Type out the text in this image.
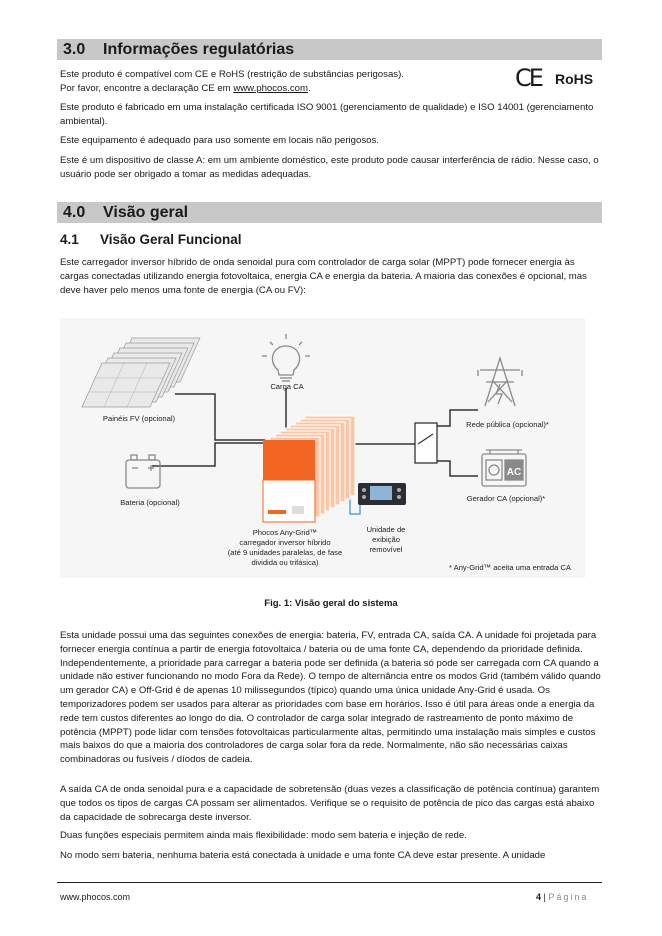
3.0 Informações regulatórias

Este produto é compatível com CE e RoHS (restrição de substâncias perigosas).
Por favor, encontre a declaração CE em www.phocos.com.	CE RoHS

Este produto é fabricado em uma instalação certificada ISO 9001 (gerenciamento de qualidade) e ISO 14001 (gerenciamento ambiental).

Este equipamento é adequado para uso somente em locais não perigosos.

Este é um dispositivo de classe A: em um ambiente doméstico, este produto pode causar interferência de rádio. Nesse caso, o usuário pode ser obrigado a tomar as medidas adequadas.

4.0 Visão geral
4.1 Visão Geral Funcional

Este carregador inversor híbrido de onda senoidal pura com controlador de carga solar (MPPT) pode fornecer energia às cargas conectadas utilizando energia fotovoltaica, energia CA e energia da bateria. A maioria das conexões é opcional, mas deve haver pelo menos uma fonte de energia (CA ou FV):

AC
Painéis FV (opcional)
Carga CA
Rede pública (opcional)*
Bateria (opcional)	Gerador CA (opcional)*
Phocos Any-Grid™
carregador inversor híbrido
(até 9 unidades paralelas, de fase
dividida ou trifásica)
Unidade de
exibição
removível
* Any-Grid™ aceita uma entrada CA
Fig. 1: Visão geral do sistema

Esta unidade possui uma das seguintes conexões de energia: bateria, FV, entrada CA, saída CA. A unidade foi projetada para fornecer energia contínua a partir de energia fotovoltaica / bateria ou de uma fonte CA, dependendo da prioridade definida. Independentemente, a prioridade para carregar a bateria pode ser definida (a bateria só pode ser carregada com CA quando a unidade não estiver funcionando no modo Fora da Rede). O tempo de alternância entre os modos Grid (também válido quando um gerador CA) e Off-Grid é de apenas 10 milissegundos (típico) quando uma única unidade Any-Grid é usada. Os temporizadores podem ser usados para alterar as prioridades com base em horários. Isso é útil para áreas onde a energia da rede tem custos diferentes ao longo do dia. O controlador de carga solar integrado de rastreamento de ponto máximo de potência (MPPT) pode lidar com tensões fotovoltaicas particularmente altas, permitindo uma instalação mais simples e custos mais baixos do que a maioria dos controladores de carga solar fora da rede. Normalmente, não são necessárias caixas combinadoras ou fusíveis / díodos de cadeia.

A saída CA de onda senoidal pura e a capacidade de sobretensão (duas vezes a classificação de potência contínua) garantem que todos os tipos de cargas CA possam ser alimentados. Verifique se o requisito de potência de pico das cargas está abaixo da capacidade de sobrecarga deste inversor.

Duas funções especiais permitem ainda mais flexibilidade: modo sem bateria e injeção de rede.

No modo sem bateria, nenhuma bateria está conectada à unidade e uma fonte CA deve estar presente. A unidade

www.phocos.com	4 | Página
